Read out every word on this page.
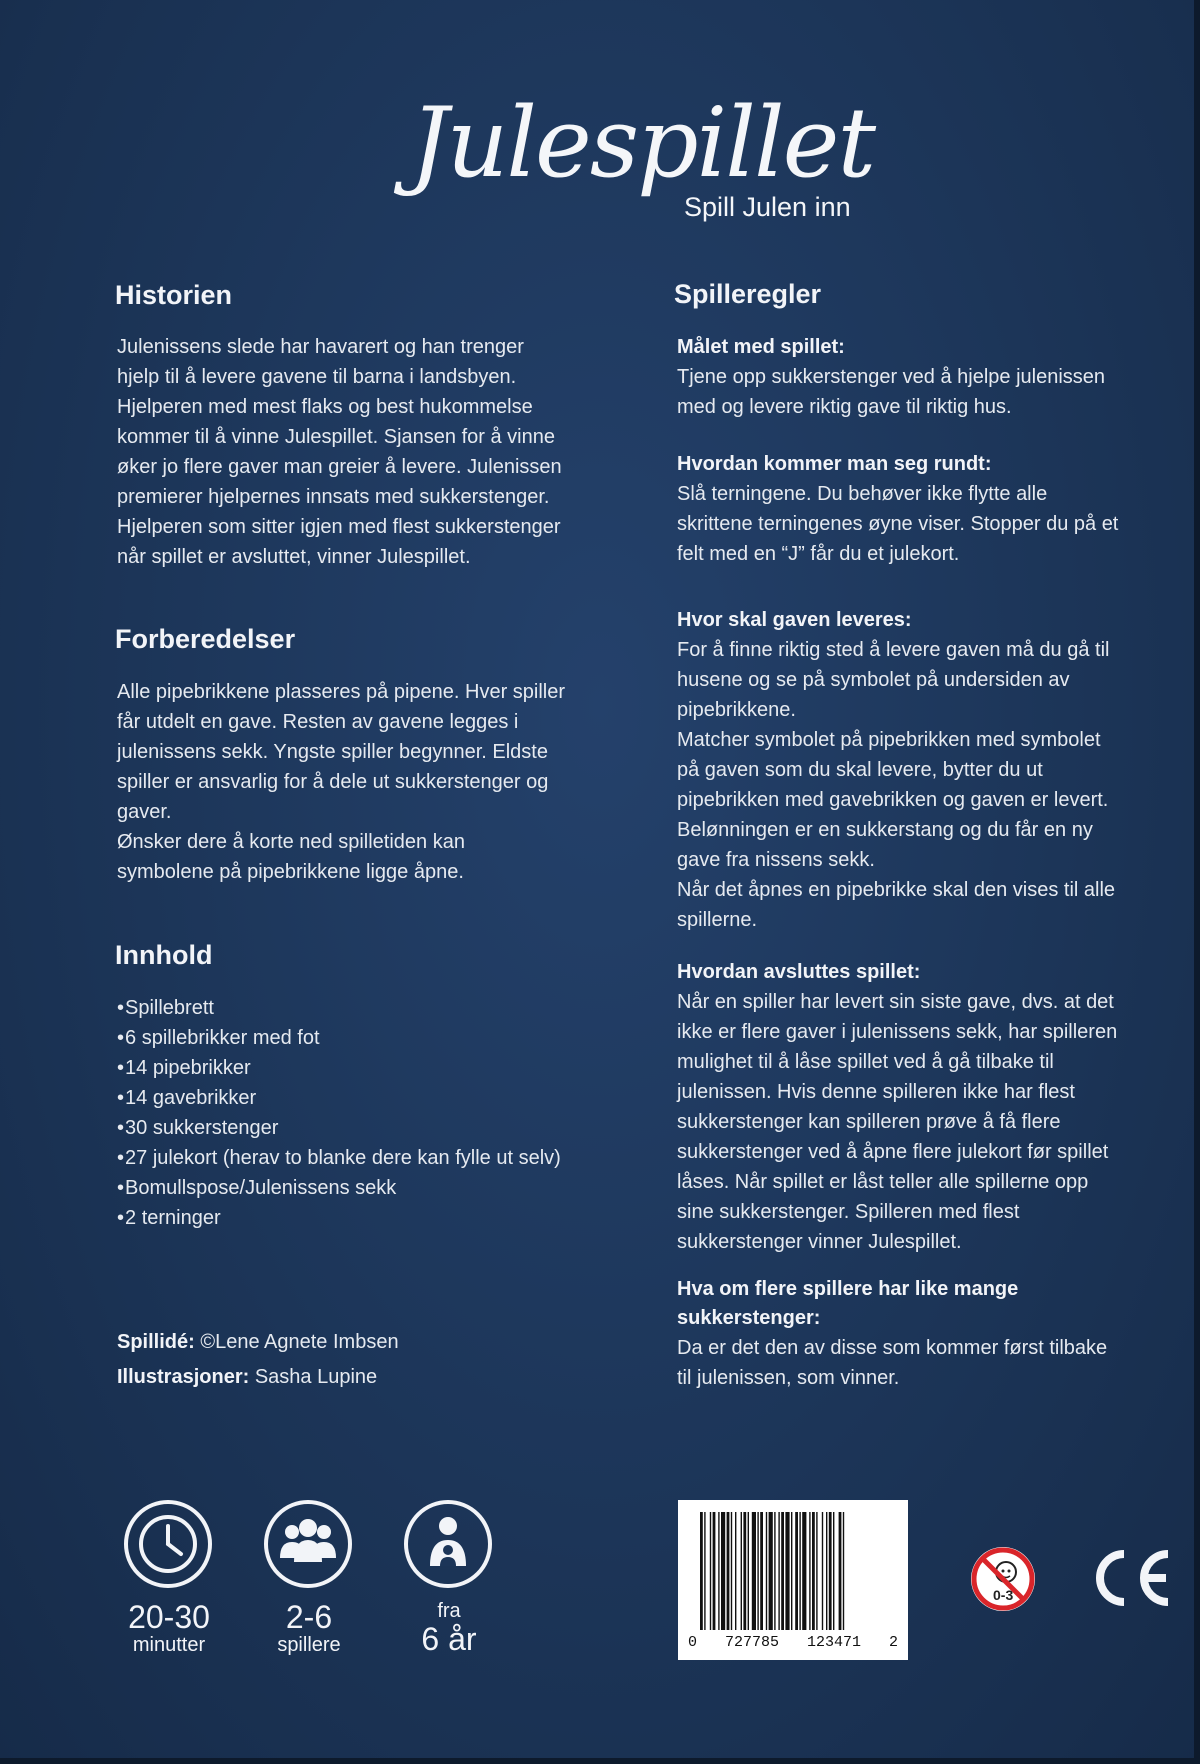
Julespillet
Spill Julen inn
Historien
Julenissens slede har havarert og han trenger
hjelp til å levere gavene til barna i landsbyen.
Hjelperen med mest flaks og best hukommelse
kommer til å vinne Julespillet. Sjansen for å vinne
øker jo flere gaver man greier å levere. Julenissen
premierer hjelpernes innsats med sukkerstenger.
Hjelperen som sitter igjen med flest sukkerstenger
når spillet er avsluttet, vinner Julespillet.
Forberedelser
Alle pipebrikkene plasseres på pipene. Hver spiller
får utdelt en gave. Resten av gavene legges i
julenissens sekk. Yngste spiller begynner. Eldste
spiller er ansvarlig for å dele ut sukkerstenger og
gaver.
Ønsker dere å korte ned spilletiden kan
symbolene på pipebrikkene ligge åpne.
Innhold
• Spillebrett
• 6 spillebrikker med fot
• 14 pipebrikker
• 14 gavebrikker
• 30 sukkerstenger
• 27 julekort (herav to blanke dere kan fylle ut selv)
• Bomullspose/Julenissens sekk
• 2 terninger
Spillidé: ©Lene Agnete Imbsen
Illustrasjoner: Sasha Lupine
Spilleregler
Målet med spillet:
Tjene opp sukkerstenger ved å hjelpe julenissen
med og levere riktig gave til riktig hus.
Hvordan kommer man seg rundt:
Slå terningene. Du behøver ikke flytte alle
skrittene terningenes øyne viser. Stopper du på et
felt med en “J” får du et julekort.
Hvor skal gaven leveres:
For å finne riktig sted å levere gaven må du gå til
husene og se på symbolet på undersiden av
pipebrikkene.
Matcher symbolet på pipebrikken med symbolet
på gaven som du skal levere, bytter du ut
pipebrikken med gavebrikken og gaven er levert.
Belønningen er en sukkerstang og du får en ny
gave fra nissens sekk.
Når det åpnes en pipebrikke skal den vises til alle
spillerne.
Hvordan avsluttes spillet:
Når en spiller har levert sin siste gave, dvs. at det
ikke er flere gaver i julenissens sekk, har spilleren
mulighet til å låse spillet ved å gå tilbake til
julenissen. Hvis denne spilleren ikke har flest
sukkerstenger kan spilleren prøve å få flere
sukkerstenger ved å åpne flere julekort før spillet
låses. Når spillet er låst teller alle spillerne opp
sine sukkerstenger. Spilleren med flest
sukkerstenger vinner Julespillet.
Hva om flere spillere har like mange
sukkerstenger:
Da er det den av disse som kommer først tilbake
til julenissen, som vinner.
20-30
minutter
2-6
spillere
fra
6 år	0 727785 123471 2
0-3
